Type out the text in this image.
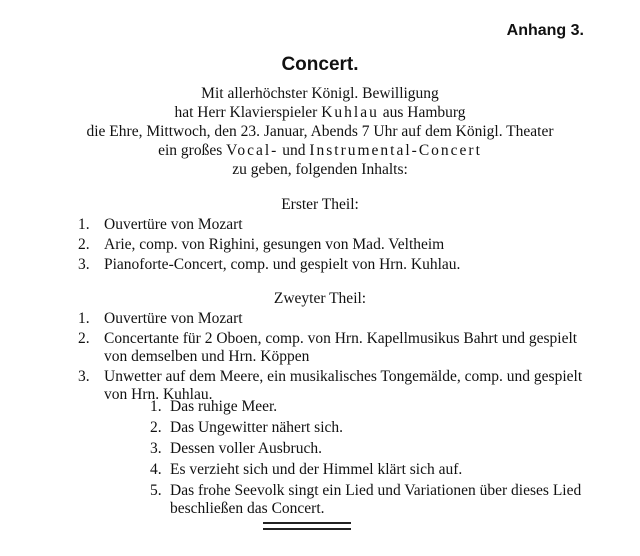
Anhang 3.
Concert.
Mit allerhöchster Königl. Bewilligung
hat Herr Klavierspieler Kuhlau aus Hamburg
die Ehre, Mittwoch, den 23. Januar, Abends 7 Uhr auf dem Königl. Theater
ein großes Vocal- und Instrumental-Concert
zu geben, folgenden Inhalts:
Erster Theil:
1. Ouvertüre von Mozart
2. Arie, comp. von Righini, gesungen von Mad. Veltheim
3. Pianoforte-Concert, comp. und gespielt von Hrn. Kuhlau.
Zweyter Theil:
1. Ouvertüre von Mozart
2. Concertante für 2 Oboen, comp. von Hrn. Kapellmusikus Bahrt und gespielt von demselben und Hrn. Köppen
3. Unwetter auf dem Meere, ein musikalisches Tongemälde, comp. und gespielt von Hrn. Kuhlau.
1. Das ruhige Meer.
2. Das Ungewitter nähert sich.
3. Dessen voller Ausbruch.
4. Es verzieht sich und der Himmel klärt sich auf.
5. Das frohe Seevolk singt ein Lied und Variationen über dieses Lied beschließen das Concert.
